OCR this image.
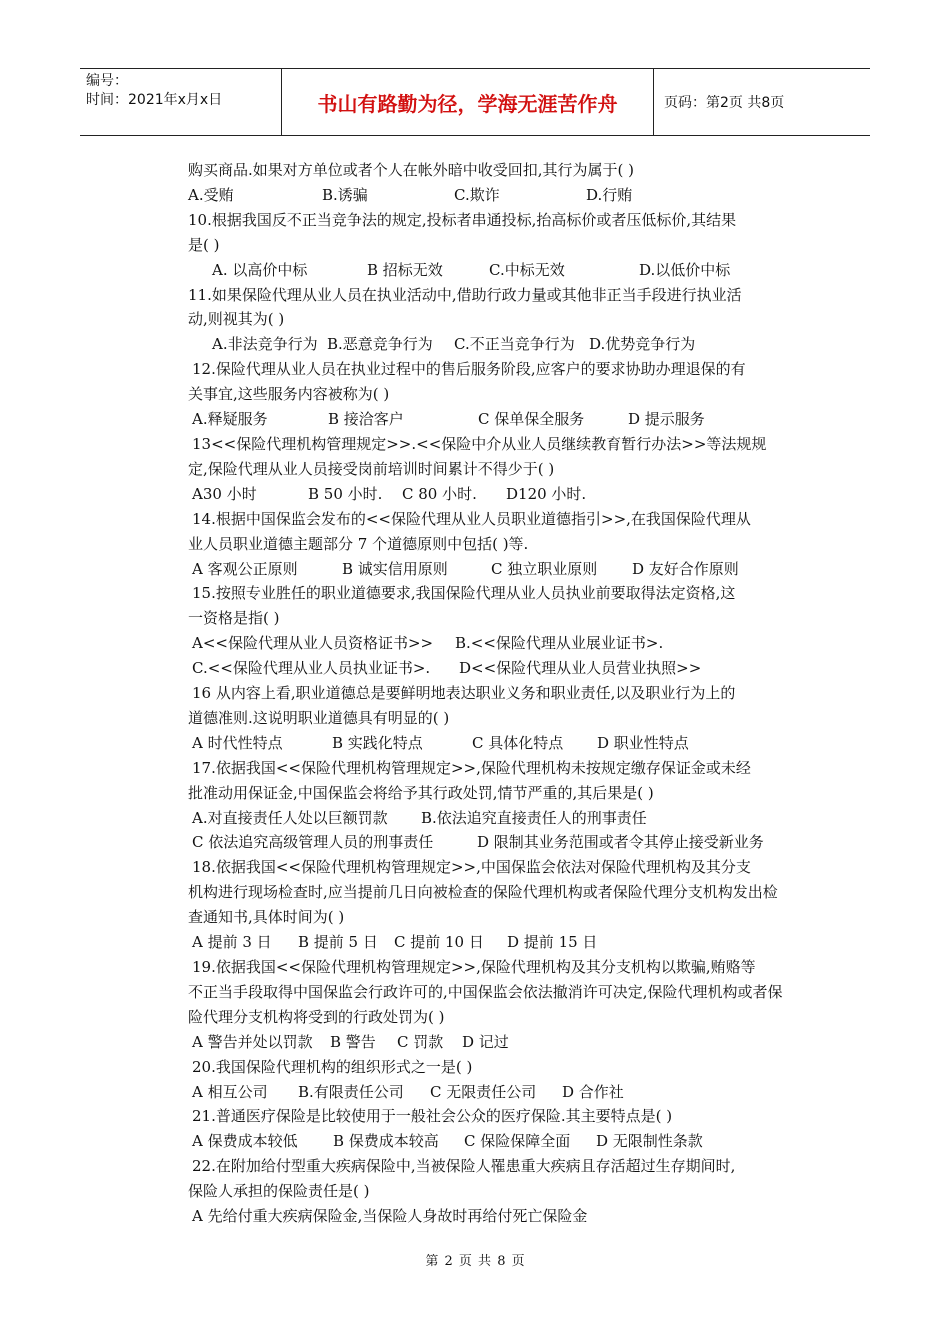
编号：
时间：2021年x月x日	书山有路勤为径，学海无涯苦作舟	页码：第2页 共8页
购买商品.如果对方单位或者个人在帐外暗中收受回扣,其行为属于( )
A.受贿	B.诱骗	C.欺诈	D.行贿
10.根据我国反不正当竞争法的规定,投标者串通投标,抬高标价或者压低标价,其结果
是( )
A. 以高价中标	B 招标无效	C.中标无效	D.以低价中标
11.如果保险代理从业人员在执业活动中,借助行政力量或其他非正当手段进行执业活
动,则视其为( )
A.非法竞争行为 B.恶意竞争行为 C.不正当竞争行为 D.优势竞争行为
12.保险代理从业人员在执业过程中的售后服务阶段,应客户的要求协助办理退保的有
关事宜,这些服务内容被称为( )
A.释疑服务	B 接洽客户	C 保单保全服务	D 提示服务
13<<保险代理机构管理规定>>.<<保险中介从业人员继续教育暂行办法>>等法规规
定,保险代理从业人员接受岗前培训时间累计不得少于( )
A30 小时	B 50 小时. C 80 小时. D120 小时.
14.根据中国保监会发布的<<保险代理从业人员职业道德指引>>,在我国保险代理从
业人员职业道德主题部分 7 个道德原则中包括( )等.
A 客观公正原则	B 诚实信用原则	C 独立职业原则 D 友好合作原则
15.按照专业胜任的职业道德要求,我国保险代理从业人员执业前要取得法定资格,这
一资格是指( )
A<<保险代理从业人员资格证书>> B.<<保险代理从业展业证书>.
C.<<保险代理从业人员执业证书>. D<<保险代理从业人员营业执照>>
16 从内容上看,职业道德总是要鲜明地表达职业义务和职业责任,以及职业行为上的
道德准则.这说明职业道德具有明显的( )
A 时代性特点	B 实践化特点	C 具体化特点 D 职业性特点
17.依据我国<<保险代理机构管理规定>>,保险代理机构未按规定缴存保证金或未经
批准动用保证金,中国保监会将给予其行政处罚,情节严重的,其后果是( )
A.对直接责任人处以巨额罚款 B.依法追究直接责任人的刑事责任
C 依法追究高级管理人员的刑事责任	D 限制其业务范围或者令其停止接受新业务
18.依据我国<<保险代理机构管理规定>>,中国保监会依法对保险代理机构及其分支
机构进行现场检查时,应当提前几日向被检查的保险代理机构或者保险代理分支机构发出检
查通知书,具体时间为( )
A 提前 3 日 B 提前 5 日 C 提前 10 日 D 提前 15 日
19.依据我国<<保险代理机构管理规定>>,保险代理机构及其分支机构以欺骗,贿赂等
不正当手段取得中国保监会行政许可的,中国保监会依法撤消许可决定,保险代理机构或者保
险代理分支机构将受到的行政处罚为( )
A 警告并处以罚款 B 警告 C 罚款 D 记过
20.我国保险代理机构的组织形式之一是( )
A 相互公司 B.有限责任公司 C 无限责任公司 D 合作社
21.普通医疗保险是比较使用于一般社会公众的医疗保险.其主要特点是( )
A 保费成本较低 B 保费成本较高 C 保险保障全面 D 无限制性条款
22.在附加给付型重大疾病保险中,当被保险人罹患重大疾病且存活超过生存期间时,
保险人承担的保险责任是( )
A 先给付重大疾病保险金,当保险人身故时再给付死亡保险金
第 2 页 共 8 页
